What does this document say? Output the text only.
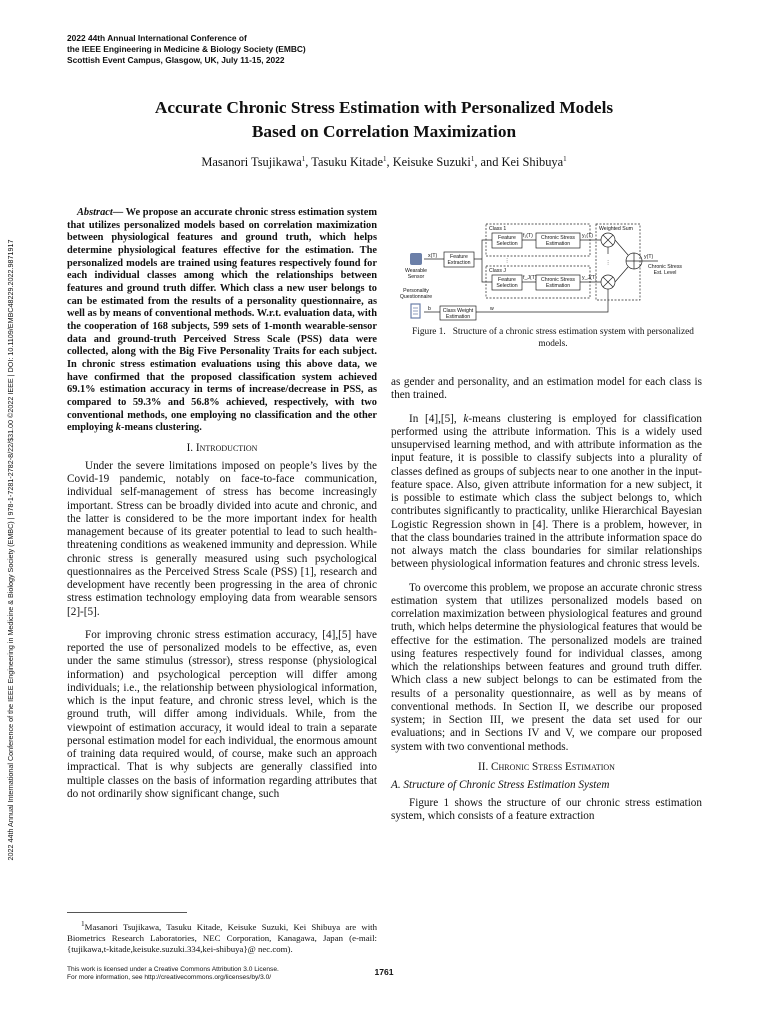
2022 44th Annual International Conference of
the IEEE Engineering in Medicine & Biology Society (EMBC)
Scottish Event Campus, Glasgow, UK, July 11-15, 2022
2022 44th Annual International Conference of the IEEE Engineering in Medicine & Biology Society (EMBC) | 978-1-7281-2782-8/22/$31.00 ©2022 IEEE | DOI: 10.1109/EMBC48229.2022.9871917
Accurate Chronic Stress Estimation with Personalized Models
Based on Correlation Maximization
Masanori Tsujikawa$^1$, Tasuku Kitade$^1$, Keisuke Suzuki$^1$, and Kei Shibuya$^1$

Abstract— We propose an accurate chronic stress estimation system that utilizes personalized models based on correlation maximization between physiological features and ground truth, which helps determine physiological features effective for the estimation. The personalized models are trained using features respectively found for each individual classes among which the relationships between features and ground truth differ. Which class a new user belongs to can be estimated from the results of a personality questionnaire, as well as by means of conventional methods. W.r.t. evaluation data, with the cooperation of 168 subjects, 599 sets of 1-month wearable-sensor data and ground-truth Perceived Stress Scale (PSS) data were collected, along with the Big Five Personality Traits for each subject. In chronic stress estimation evaluations using this above data, we have confirmed that the proposed classification system achieved 69.1% estimation accuracy in terms of increase/decrease in PSS, as compared to 59.3% and 56.8% achieved, respectively, with two conventional methods, one employing no classification and the other employing k-means clustering.

I. Introduction

Under the severe limitations imposed on people’s lives by the Covid-19 pandemic, notably on face-to-face communication, individual self-management of stress has become increasingly important. Stress can be broadly divided into acute and chronic, and the latter is considered to be the more important index for health management because of its greater potential to lead to such health-threatening conditions as weakened immunity and depression. While chronic stress is generally measured using such psychological questionnaires as the Perceived Stress Scale (PSS) [1], research and development have recently been progressing in the area of chronic stress estimation technology employing data from wearable sensors [2]-[5].

For improving chronic stress estimation accuracy, [4],[5] have reported the use of personalized models to be effective, as, even under the same stimulus (stressor), stress response (physiological information) and psychological perception will differ among individuals; i.e., the relationship between physiological information, which is the input feature, and chronic stress level, which is the ground truth, will differ among individuals. While, from the viewpoint of estimation accuracy, it would ideal to train a separate personal estimation model for each individual, the enormous amount of training data required would, of course, make such an approach impractical. That is why subjects are generally classified into multiple classes on the basis of information regarding attributes that do not ordinarily show significant change, such

Class 1
Class J
Weighted Sum
Feature
Selection
Feature
Selection
Chronic Stress
Estimation
Chronic Stress
Estimation
Feature
Extraction
Class Weight
Estimation
Wearable
Sensor
Personality
Questionnaire
Chronic Stress
Est. Level
x(T)
f₁(T)	y₁(T)
f_J(T)	y_J(T)
y(T)
w
b
⋮	⋮
Figure 1. Structure of a chronic stress estimation system with personalized models.

as gender and personality, and an estimation model for each class is then trained.

In [4],[5], k-means clustering is employed for classification performed using the attribute information. This is a widely used unsupervised learning method, and with attribute information as the input feature, it is possible to classify subjects into a plurality of classes defined as groups of subjects near to one another in the input-feature space. Also, given attribute information for a new subject, it is possible to estimate which class the subject belongs to, which contributes significantly to practicality, unlike Hierarchical Bayesian Logistic Regression shown in [4]. There is a problem, however, in that the class boundaries trained in the attribute information space do not always match the class boundaries for similar relationships between physiological information features and chronic stress levels.

To overcome this problem, we propose an accurate chronic stress estimation system that utilizes personalized models based on correlation maximization between physiological features and ground truth, which helps determine the physiological features that would be effective for the estimation. The personalized models are trained using features respectively found for individual classes, among which the relationships between features and ground truth differ. Which class a new subject belongs to can be estimated from the results of a personality questionnaire, as well as by means of conventional methods. In Section II, we describe our proposed system; in Section III, we present the data set used for our evaluations; and in Sections IV and V, we compare our proposed system with two conventional methods.

II. Chronic Stress Estimation
A. Structure of Chronic Stress Estimation System

Figure 1 shows the structure of our chronic stress estimation system, which consists of a feature extraction

$^1$Masanori Tsujikawa, Tasuku Kitade, Keisuke Suzuki, Kei Shibuya are with Biometrics Research Laboratories, NEC Corporation, Kanagawa, Japan (e-mail: {tujikawa,t-kitade,keisuke.suzuki.334,kei-shibuya}@ nec.com).
This work is licensed under a Creative Commons Attribution 3.0 License.
For more information, see http://creativecommons.org/licenses/by/3.0/
1761
